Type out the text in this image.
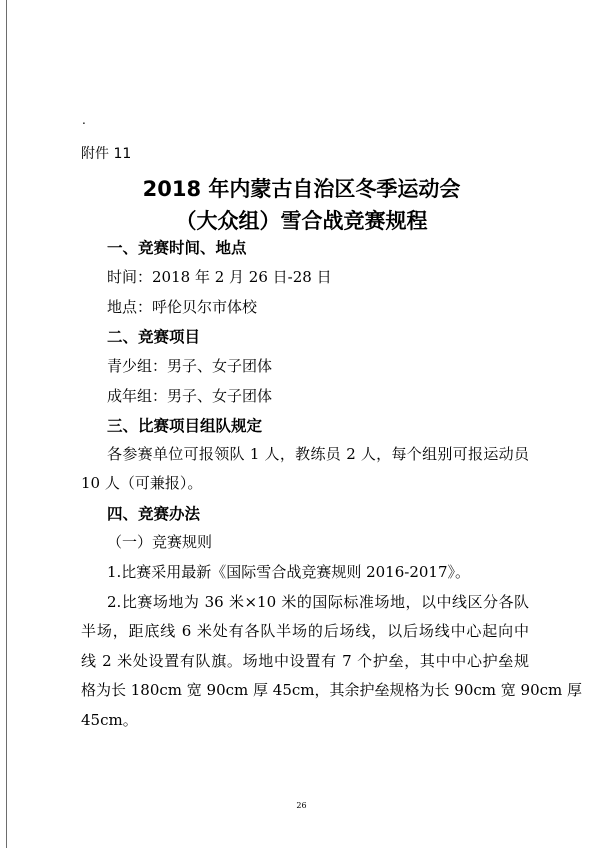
.
附件 11
2018 年内蒙古自治区冬季运动会
（大众组）雪合战竞赛规程
一、竞赛时间、地点
时间：2018 年 2 月 26 日-28 日
地点：呼伦贝尔市体校
二、竞赛项目
青少组：男子、女子团体
成年组：男子、女子团体
三、比赛项目组队规定
各参赛单位可报领队 1 人，教练员 2 人，每个组别可报运动员
10 人（可兼报）。
四、竞赛办法
（一）竞赛规则
1.比赛采用最新《国际雪合战竞赛规则 2016-2017》。
2.比赛场地为 36 米×10 米的国际标准场地，以中线区分各队
半场，距底线 6 米处有各队半场的后场线，以后场线中心起向中
线 2 米处设置有队旗。场地中设置有 7 个护垒，其中中心护垒规
格为长 180cm 宽 90cm 厚 45cm，其余护垒规格为长 90cm 宽 90cm 厚
45cm。
26
